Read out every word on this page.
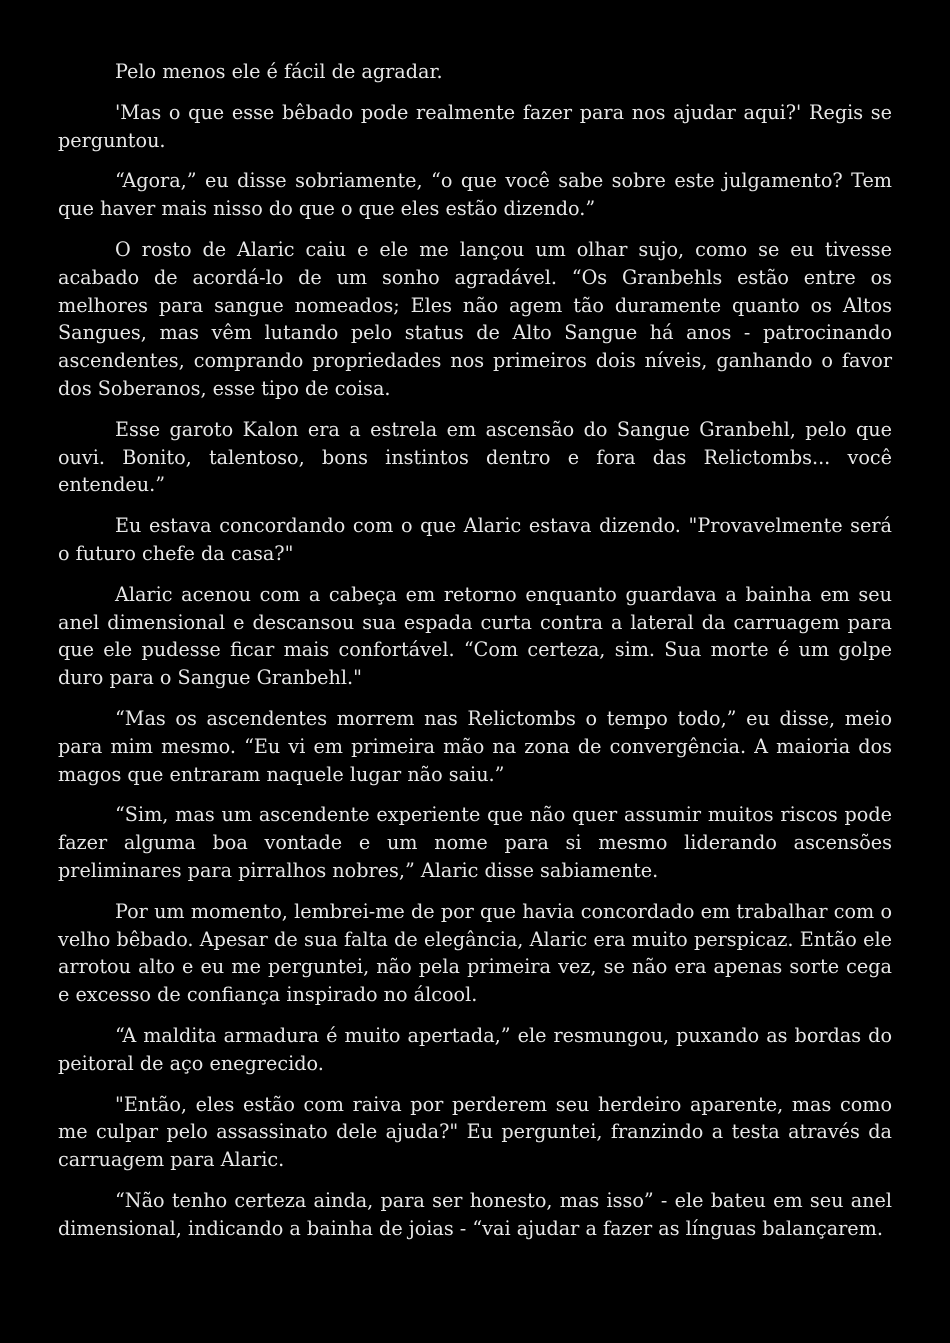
Pelo menos ele é fácil de agradar.

'Mas o que esse bêbado pode realmente fazer para nos ajudar aqui?' Regis se perguntou.

“Agora,” eu disse sobriamente, “o que você sabe sobre este julgamento? Tem que haver mais nisso do que o que eles estão dizendo.”

O rosto de Alaric caiu e ele me lançou um olhar sujo, como se eu tivesse acabado de acordá-lo de um sonho agradável. “Os Granbehls estão entre os melhores para sangue nomeados; Eles não agem tão duramente quanto os Altos Sangues, mas vêm lutando pelo status de Alto Sangue há anos - patrocinando ascendentes, comprando propriedades nos primeiros dois níveis, ganhando o favor dos Soberanos, esse tipo de coisa.

Esse garoto Kalon era a estrela em ascensão do Sangue Granbehl, pelo que ouvi. Bonito, talentoso, bons instintos dentro e fora das Relictombs... você entendeu.”

Eu estava concordando com o que Alaric estava dizendo. "Provavelmente será o futuro chefe da casa?"

Alaric acenou com a cabeça em retorno enquanto guardava a bainha em seu anel dimensional e descansou sua espada curta contra a lateral da carruagem para que ele pudesse ficar mais confortável. “Com certeza, sim. Sua morte é um golpe duro para o Sangue Granbehl."

“Mas os ascendentes morrem nas Relictombs o tempo todo,” eu disse, meio para mim mesmo. “Eu vi em primeira mão na zona de convergência. A maioria dos magos que entraram naquele lugar não saiu.”

“Sim, mas um ascendente experiente que não quer assumir muitos riscos pode fazer alguma boa vontade e um nome para si mesmo liderando ascensões preliminares para pirralhos nobres,” Alaric disse sabiamente.

Por um momento, lembrei-me de por que havia concordado em trabalhar com o velho bêbado. Apesar de sua falta de elegância, Alaric era muito perspicaz. Então ele arrotou alto e eu me perguntei, não pela primeira vez, se não era apenas sorte cega e excesso de confiança inspirado no álcool.

“A maldita armadura é muito apertada,” ele resmungou, puxando as bordas do peitoral de aço enegrecido.

"Então, eles estão com raiva por perderem seu herdeiro aparente, mas como me culpar pelo assassinato dele ajuda?" Eu perguntei, franzindo a testa através da carruagem para Alaric.

“Não tenho certeza ainda, para ser honesto, mas isso” - ele bateu em seu anel dimensional, indicando a bainha de joias - “vai ajudar a fazer as línguas balançarem.
